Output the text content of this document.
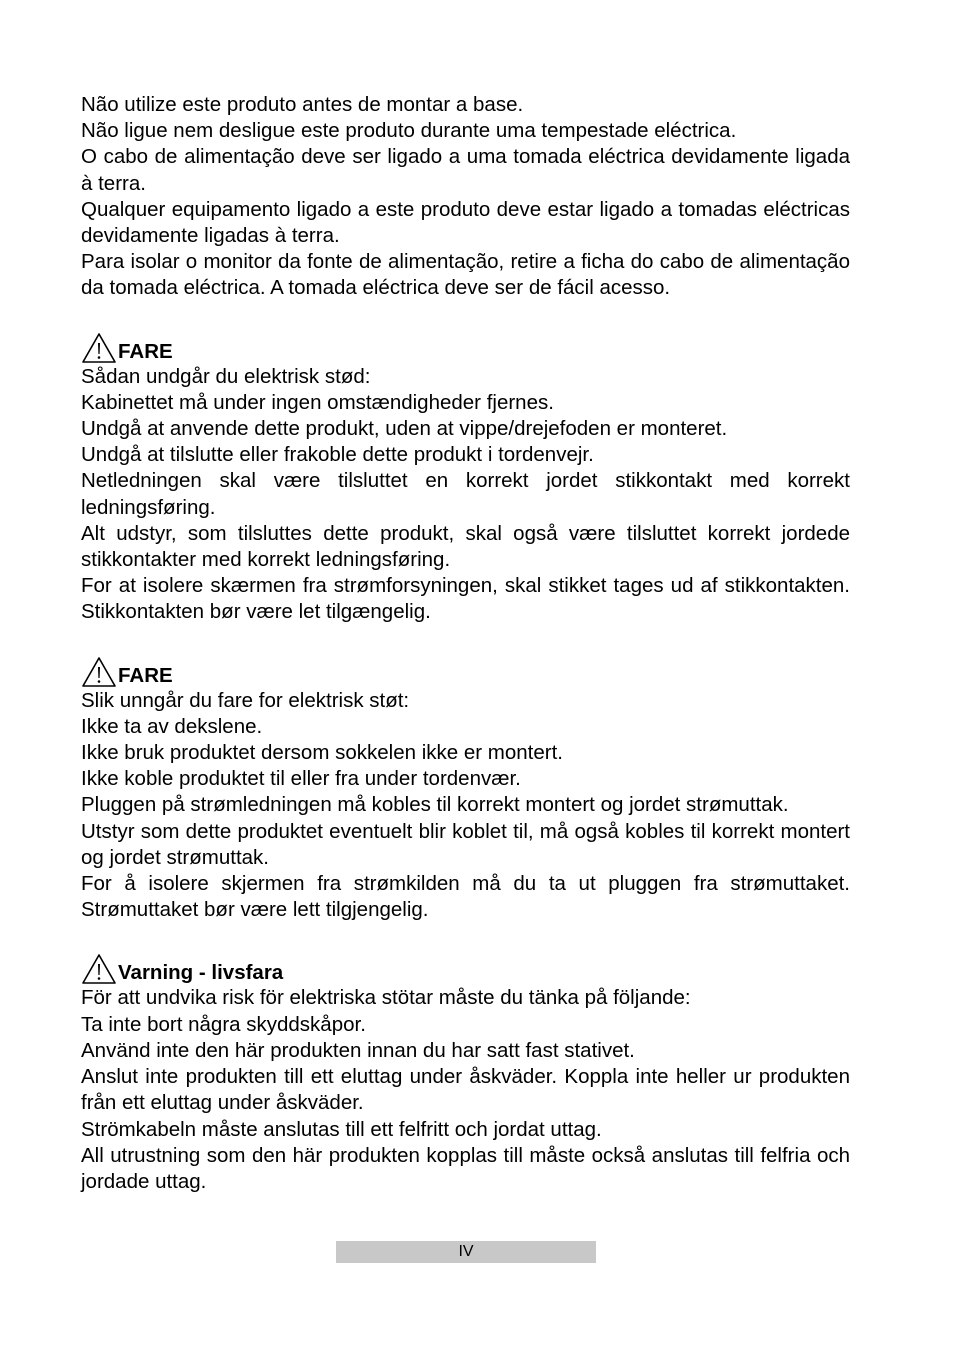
Não utilize este produto antes de montar a base.

Não ligue nem desligue este produto durante uma tempestade eléctrica.

O cabo de alimentação deve ser ligado a uma tomada eléctrica devidamente ligada à terra.

Qualquer equipamento ligado a este produto deve estar ligado a tomadas eléctricas devidamente ligadas à terra.

Para isolar o monitor da fonte de alimentação, retire a ficha do cabo de alimentação da tomada eléctrica. A tomada eléctrica deve ser de fácil acesso.

FARE

Sådan undgår du elektrisk stød:

Kabinettet må under ingen omstændigheder fjernes.

Undgå at anvende dette produkt, uden at vippe/drejefoden er monteret.

Undgå at tilslutte eller frakoble dette produkt i tordenvejr.

Netledningen skal være tilsluttet en korrekt jordet stikkontakt med korrekt ledningsføring.

Alt udstyr, som tilsluttes dette produkt, skal også være tilsluttet korrekt jordede stikkontakter med korrekt ledningsføring.

For at isolere skærmen fra strømforsyningen, skal stikket tages ud af stikkontakten. Stikkontakten bør være let tilgængelig.

FARE

Slik unngår du fare for elektrisk støt:

Ikke ta av dekslene.

Ikke bruk produktet dersom sokkelen ikke er montert.

Ikke koble produktet til eller fra under tordenvær.

Pluggen på strømledningen må kobles til korrekt montert og jordet strømuttak.

Utstyr som dette produktet eventuelt blir koblet til, må også kobles til korrekt montert og jordet strømuttak.

For å isolere skjermen fra strømkilden må du ta ut pluggen fra strømuttaket. Strømuttaket bør være lett tilgjengelig.

Varning - livsfara

För att undvika risk för elektriska stötar måste du tänka på följande:

Ta inte bort några skyddskåpor.

Använd inte den här produkten innan du har satt fast stativet.

Anslut inte produkten till ett eluttag under åskväder. Koppla inte heller ur produkten från ett eluttag under åskväder.

Strömkabeln måste anslutas till ett felfritt och jordat uttag.

All utrustning som den här produkten kopplas till måste också anslutas till felfria och jordade uttag.

IV
